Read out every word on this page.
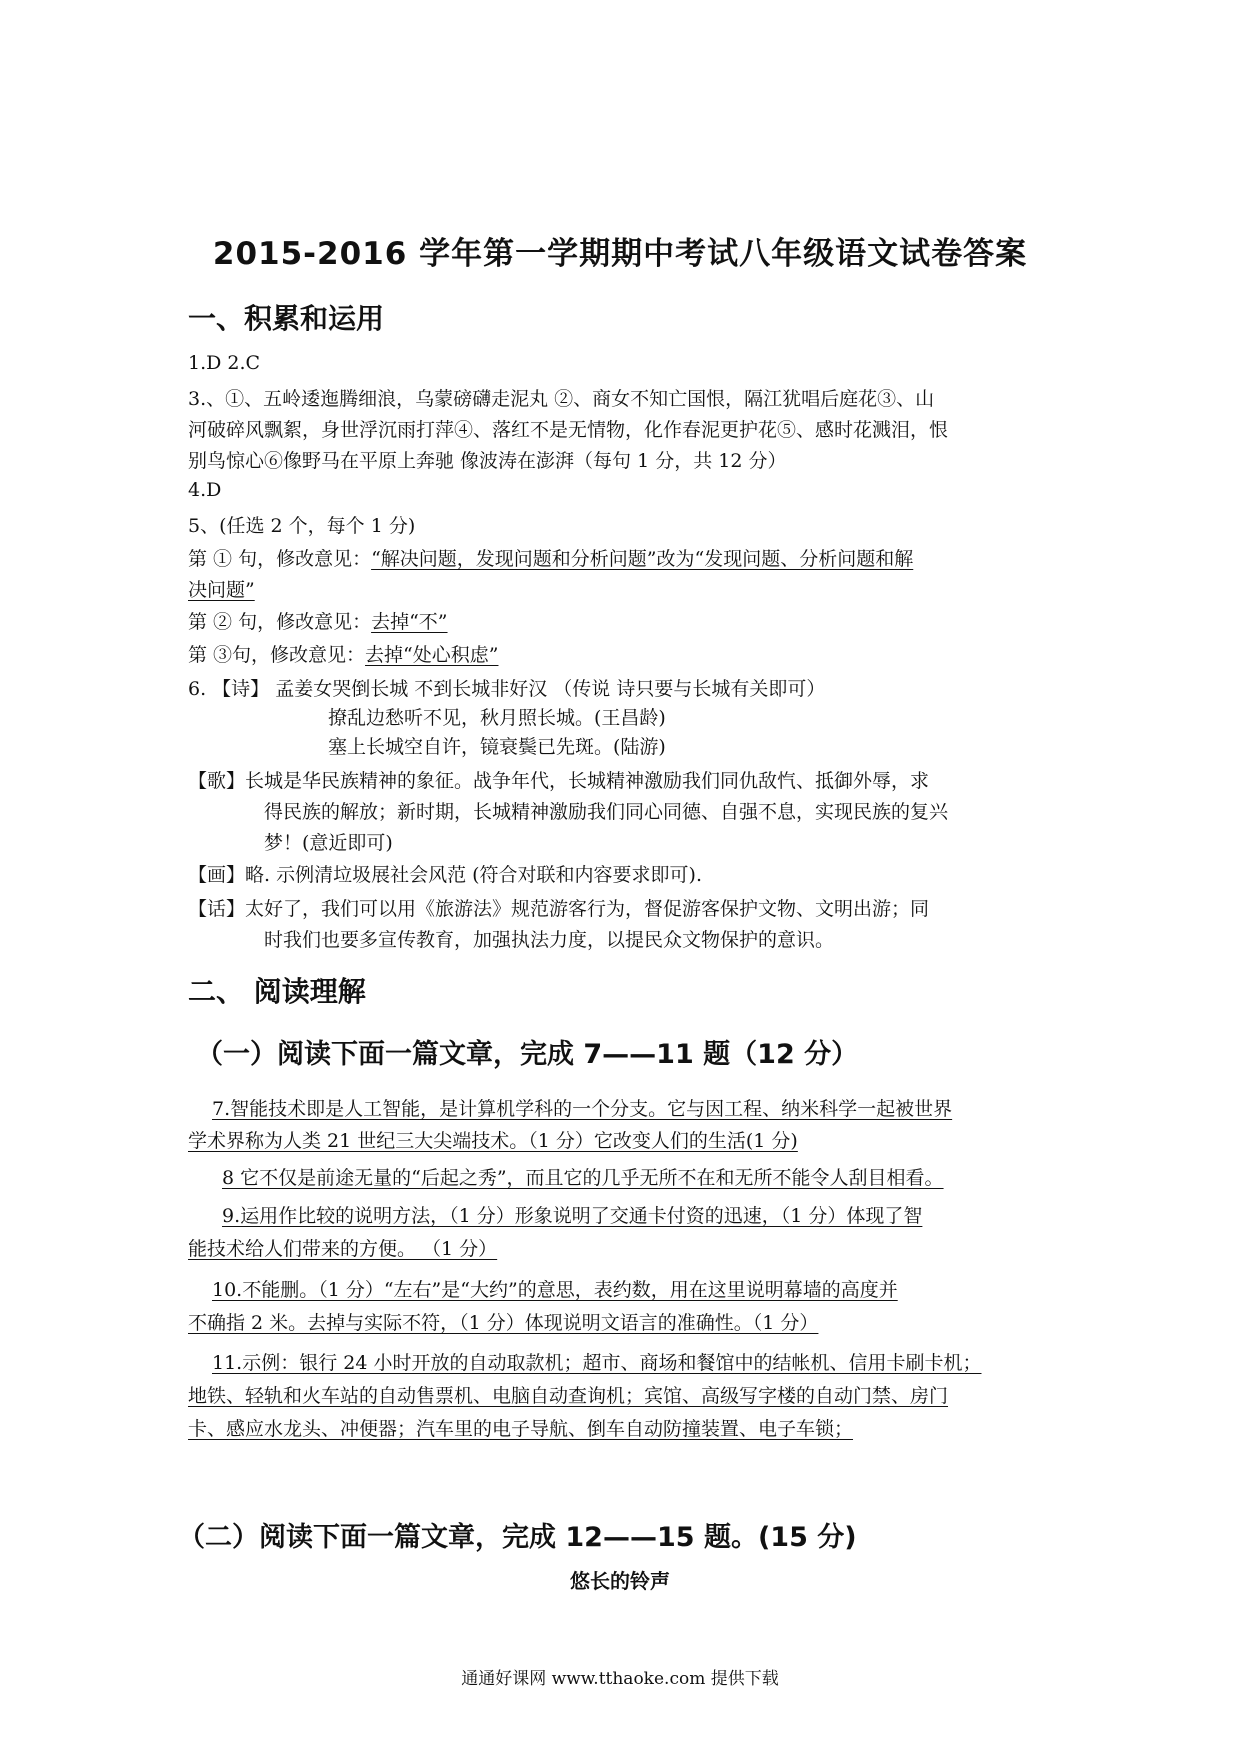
2015-2016 学年第一学期期中考试八年级语文试卷答案
一、积累和运用
1.D 2.C
3.、①、五岭逶迤腾细浪，乌蒙磅礴走泥丸 ②、商女不知亡国恨，隔江犹唱后庭花③、山
河破碎风飘絮，身世浮沉雨打萍④、落红不是无情物，化作春泥更护花⑤、感时花溅泪，恨
别鸟惊心⑥像野马在平原上奔驰 像波涛在澎湃（每句 1 分，共 12 分）
4.D
5、(任选 2 个，每个 1 分)
第 ① 句，修改意见：“解决问题，发现问题和分析问题”改为“发现问题、分析问题和解
决问题”
第 ② 句，修改意见：去掉“不”
第 ③句，修改意见：去掉“处心积虑”
6. 【诗】 孟姜女哭倒长城 不到长城非好汉 （传说 诗只要与长城有关即可）
撩乱边愁听不见，秋月照长城。(王昌龄)
塞上长城空自许，镜衰鬓已先斑。(陆游)
【歌】长城是华民族精神的象征。战争年代，长城精神激励我们同仇敌忾、抵御外辱，求
得民族的解放；新时期，长城精神激励我们同心同德、自强不息，实现民族的复兴
梦！(意近即可)
【画】略. 示例清垃圾展社会风范 (符合对联和内容要求即可).
【话】太好了，我们可以用《旅游法》规范游客行为，督促游客保护文物、文明出游；同
时我们也要多宣传教育，加强执法力度，以提民众文物保护的意识。
二、 阅读理解
（一）阅读下面一篇文章，完成 7——11 题（12 分）
7.智能技术即是人工智能，是计算机学科的一个分支。它与因工程、纳米科学一起被世界
学术界称为人类 21 世纪三大尖端技术。（1 分）它改变人们的生活(1 分)
8 它不仅是前途无量的“后起之秀”，而且它的几乎无所不在和无所不能令人刮目相看。
9.运用作比较的说明方法，（1 分）形象说明了交通卡付资的迅速，（1 分）体现了智
能技术给人们带来的方便。 （1 分）
10.不能删。（1 分）“左右”是“大约”的意思，表约数，用在这里说明幕墙的高度并
不确指 2 米。去掉与实际不符，（1 分）体现说明文语言的准确性。（1 分）
11.示例：银行 24 小时开放的自动取款机；超市、商场和餐馆中的结帐机、信用卡刷卡机；
地铁、轻轨和火车站的自动售票机、电脑自动查询机；宾馆、高级写字楼的自动门禁、房门
卡、感应水龙头、冲便器；汽车里的电子导航、倒车自动防撞装置、电子车锁；
（二）阅读下面一篇文章，完成 12——15 题。(15 分)
悠长的铃声
通通好课网 www.tthaoke.com 提供下载
